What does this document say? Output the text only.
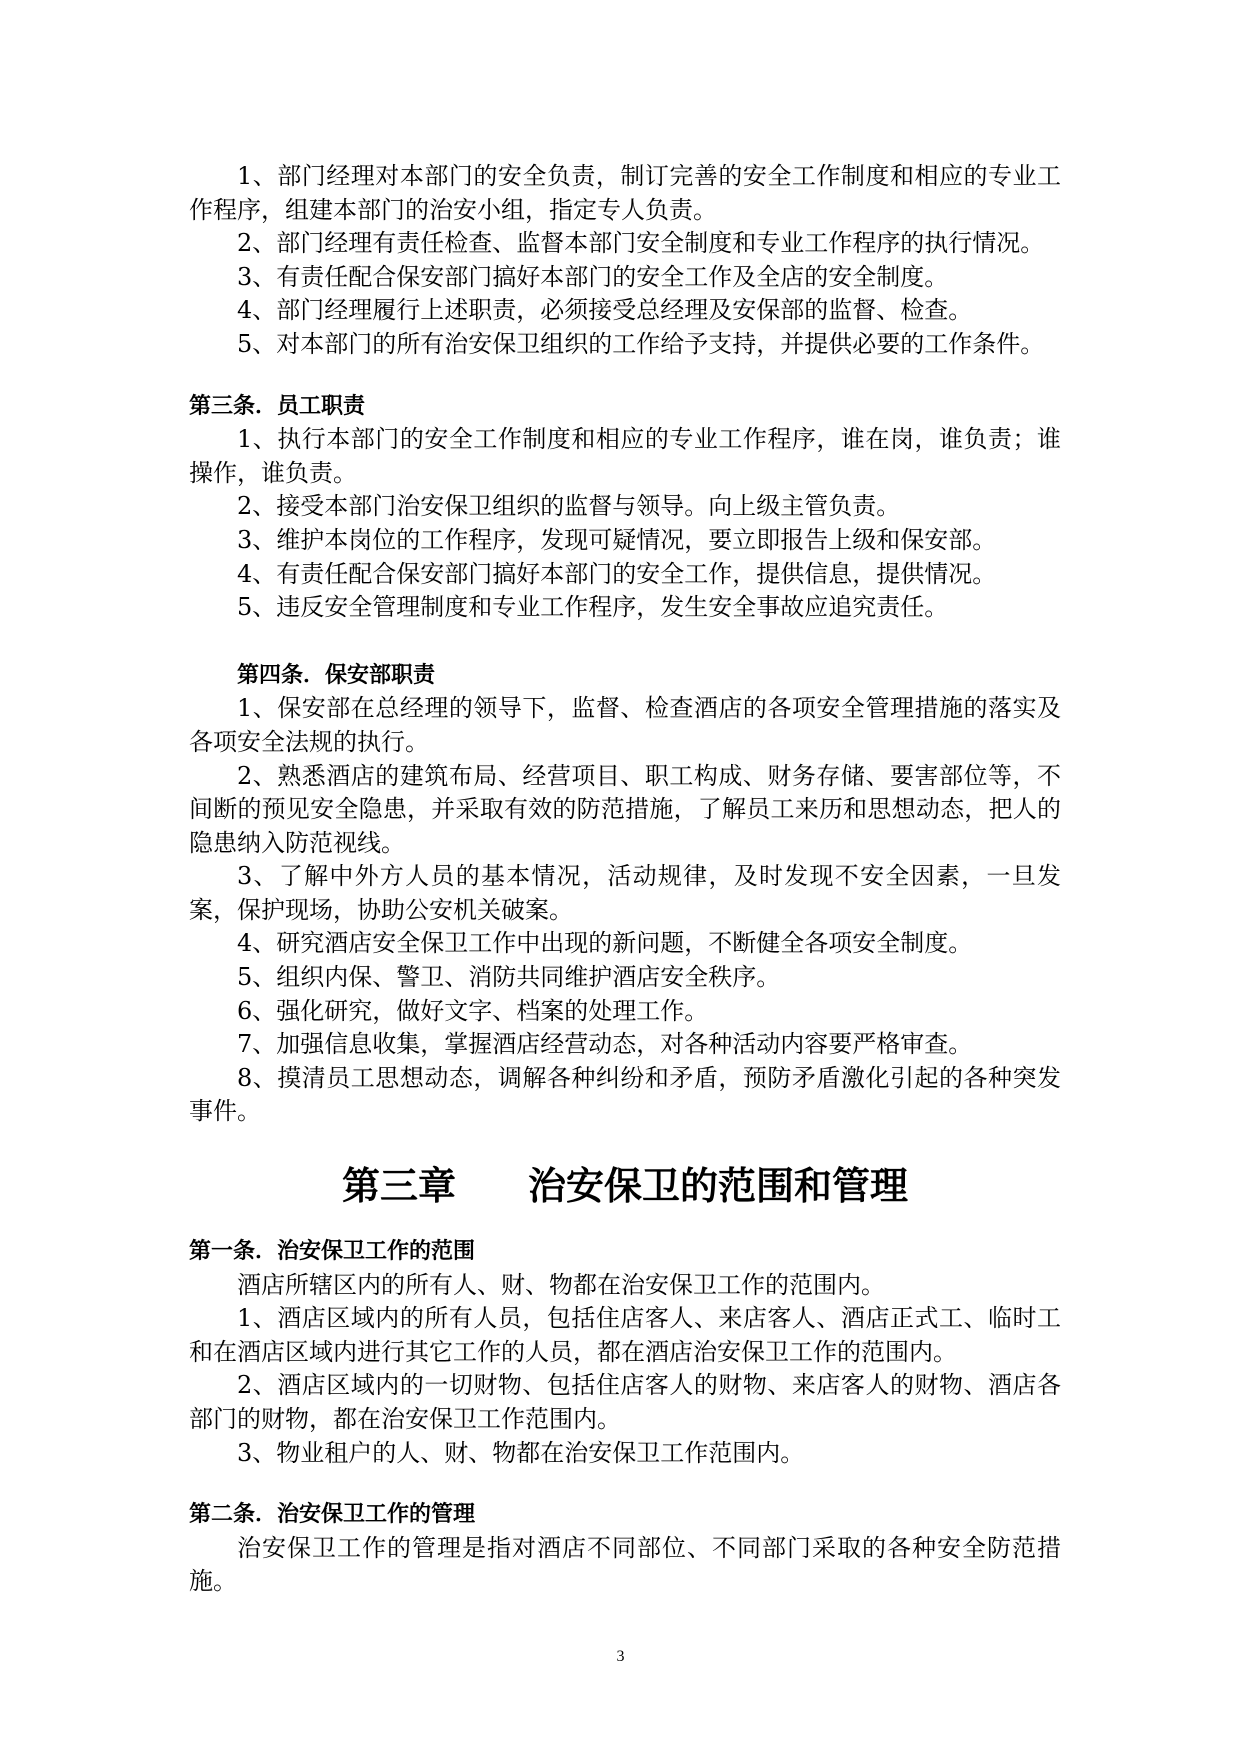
1、部门经理对本部门的安全负责，制订完善的安全工作制度和相应的专业工作程序，组建本部门的治安小组，指定专人负责。

2、部门经理有责任检查、监督本部门安全制度和专业工作程序的执行情况。

3、有责任配合保安部门搞好本部门的安全工作及全店的安全制度。

4、部门经理履行上述职责，必须接受总经理及安保部的监督、检查。

5、对本部门的所有治安保卫组织的工作给予支持，并提供必要的工作条件。

第三条．员工职责

1、执行本部门的安全工作制度和相应的专业工作程序，谁在岗，谁负责；谁操作，谁负责。

2、接受本部门治安保卫组织的监督与领导。向上级主管负责。

3、维护本岗位的工作程序，发现可疑情况，要立即报告上级和保安部。

4、有责任配合保安部门搞好本部门的安全工作，提供信息，提供情况。

5、违反安全管理制度和专业工作程序，发生安全事故应追究责任。

第四条．保安部职责

1、保安部在总经理的领导下，监督、检查酒店的各项安全管理措施的落实及各项安全法规的执行。

2、熟悉酒店的建筑布局、经营项目、职工构成、财务存储、要害部位等，不间断的预见安全隐患，并采取有效的防范措施，了解员工来历和思想动态，把人的隐患纳入防范视线。

3、了解中外方人员的基本情况，活动规律，及时发现不安全因素，一旦发案，保护现场，协助公安机关破案。

4、研究酒店安全保卫工作中出现的新问题，不断健全各项安全制度。

5、组织内保、警卫、消防共同维护酒店安全秩序。

6、强化研究，做好文字、档案的处理工作。

7、加强信息收集，掌握酒店经营动态，对各种活动内容要严格审查。

8、摸清员工思想动态，调解各种纠纷和矛盾，预防矛盾激化引起的各种突发事件。

第三章 治安保卫的范围和管理
第一条．治安保卫工作的范围

酒店所辖区内的所有人、财、物都在治安保卫工作的范围内。

1、酒店区域内的所有人员，包括住店客人、来店客人、酒店正式工、临时工和在酒店区域内进行其它工作的人员，都在酒店治安保卫工作的范围内。

2、酒店区域内的一切财物、包括住店客人的财物、来店客人的财物、酒店各部门的财物，都在治安保卫工作范围内。

3、物业租户的人、财、物都在治安保卫工作范围内。

第二条．治安保卫工作的管理

治安保卫工作的管理是指对酒店不同部位、不同部门采取的各种安全防范措施。

3
